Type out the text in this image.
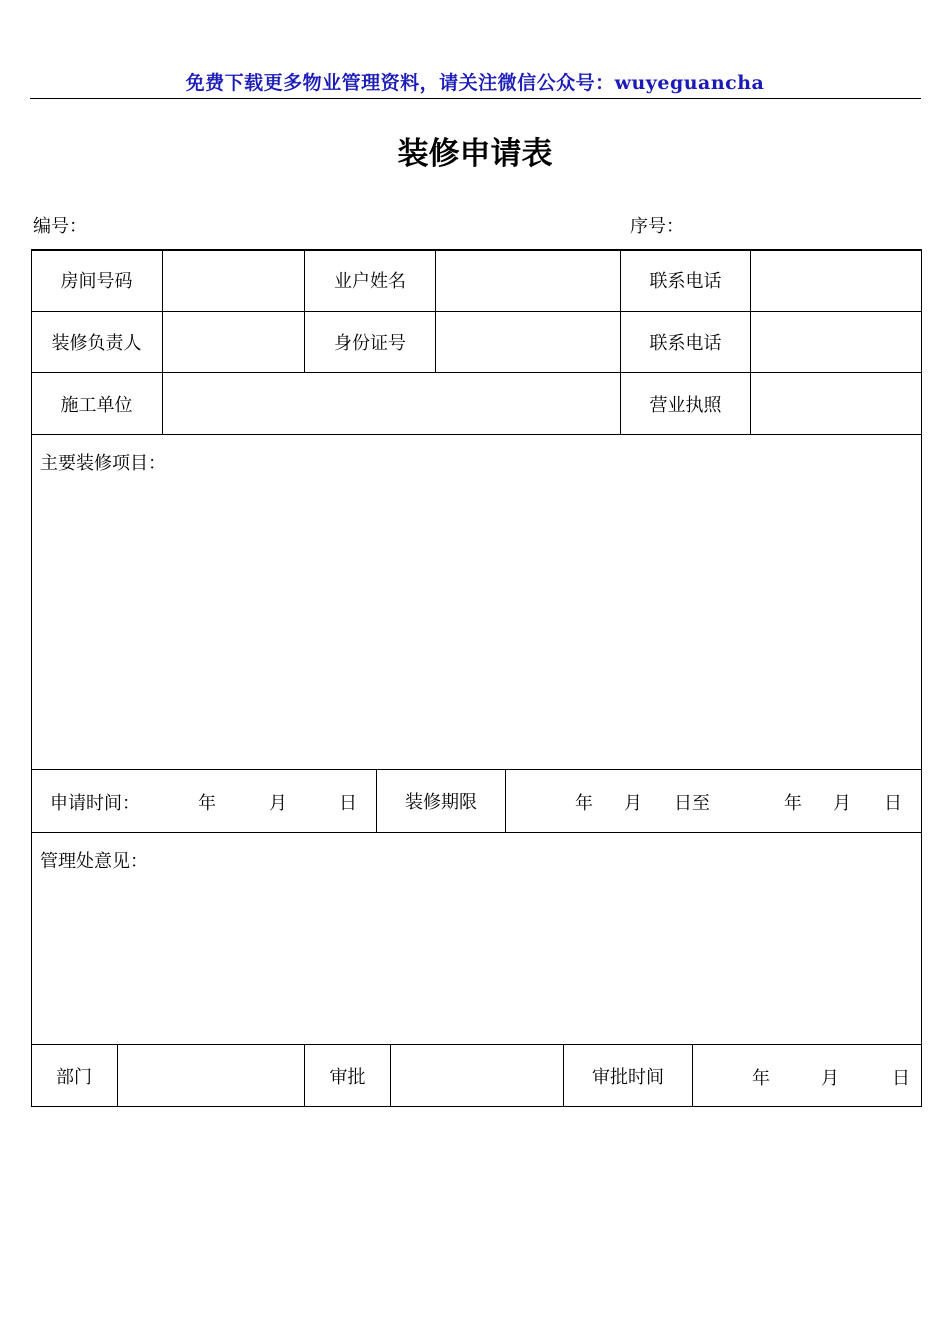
免费下载更多物业管理资料，请关注微信公众号：wuyeguancha
装修申请表
编号：	序号：
房间号码	业户姓名	联系电话
装修负责人	身份证号	联系电话
施工单位	营业执照
主要装修项目：
申请时间：	年	月	日	装修期限	年 月 日至	年 月 日
管理处意见：
部门	审批	审批时间	年	月	日
